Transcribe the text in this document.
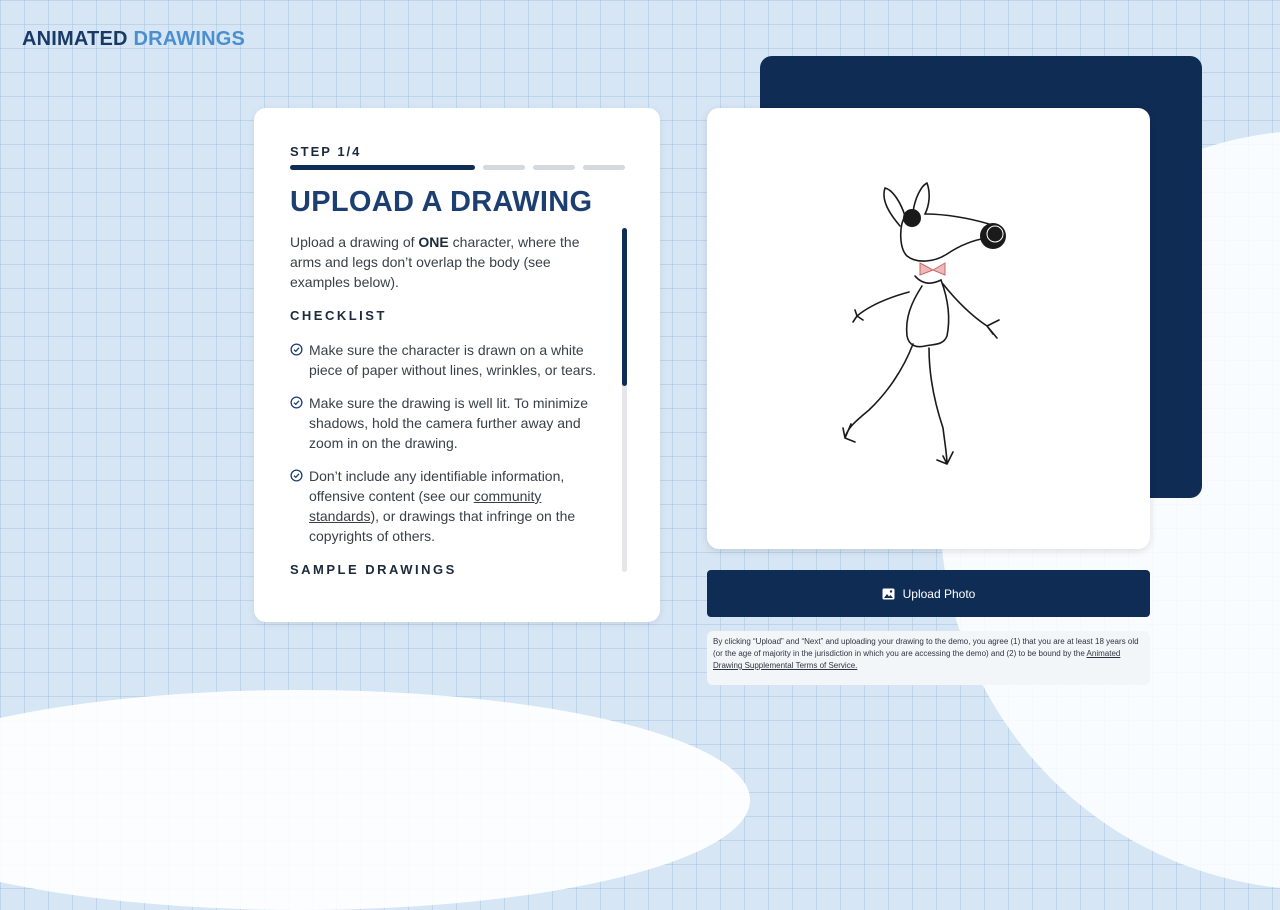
ANIMATED DRAWINGS
STEP 1/4
UPLOAD A DRAWING

Upload a drawing of ONE character, where the arms and legs don’t overlap the body (see examples below).

CHECKLIST
Make sure the character is drawn on a white piece of paper without lines, wrinkles, or tears.
Make sure the drawing is well lit. To minimize shadows, hold the camera further away and zoom in on the drawing.
Don’t include any identifiable information, offensive content (see our community standards), or drawings that infringe on the copyrights of others.
SAMPLE DRAWINGS
Upload Photo
By clicking “Upload” and “Next” and uploading your drawing to the demo, you agree (1) that you are at least 18 years old (or the age of majority in the jurisdiction in which you are accessing the demo) and (2) to be bound by the Animated Drawing Supplemental Terms of Service.
